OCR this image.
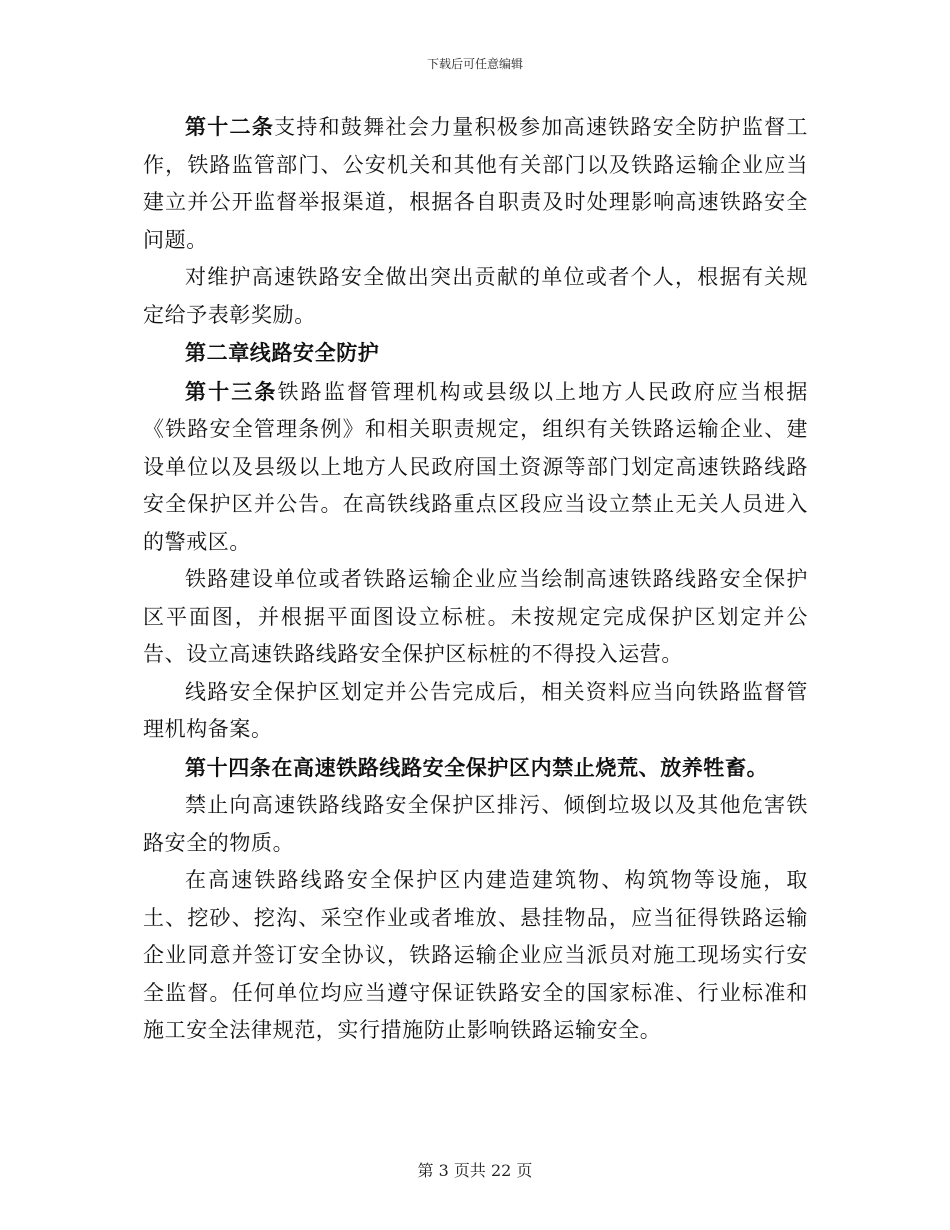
下载后可任意编辑

第十二条支持和鼓舞社会力量积极参加高速铁路安全防护监督工作，铁路监管部门、公安机关和其他有关部门以及铁路运输企业应当建立并公开监督举报渠道，根据各自职责及时处理影响高速铁路安全问题。

对维护高速铁路安全做出突出贡献的单位或者个人，根据有关规定给予表彰奖励。

第二章线路安全防护

第十三条铁路监督管理机构或县级以上地方人民政府应当根据《铁路安全管理条例》和相关职责规定，组织有关铁路运输企业、建设单位以及县级以上地方人民政府国土资源等部门划定高速铁路线路安全保护区并公告。在高铁线路重点区段应当设立禁止无关人员进入的警戒区。

铁路建设单位或者铁路运输企业应当绘制高速铁路线路安全保护区平面图，并根据平面图设立标桩。未按规定完成保护区划定并公告、设立高速铁路线路安全保护区标桩的不得投入运营。

线路安全保护区划定并公告完成后，相关资料应当向铁路监督管理机构备案。

第十四条在高速铁路线路安全保护区内禁止烧荒、放养牲畜。

禁止向高速铁路线路安全保护区排污、倾倒垃圾以及其他危害铁路安全的物质。

在高速铁路线路安全保护区内建造建筑物、构筑物等设施，取土、挖砂、挖沟、采空作业或者堆放、悬挂物品，应当征得铁路运输企业同意并签订安全协议，铁路运输企业应当派员对施工现场实行安全监督。任何单位均应当遵守保证铁路安全的国家标准、行业标准和施工安全法律规范，实行措施防止影响铁路运输安全。

第 3 页共 22 页
